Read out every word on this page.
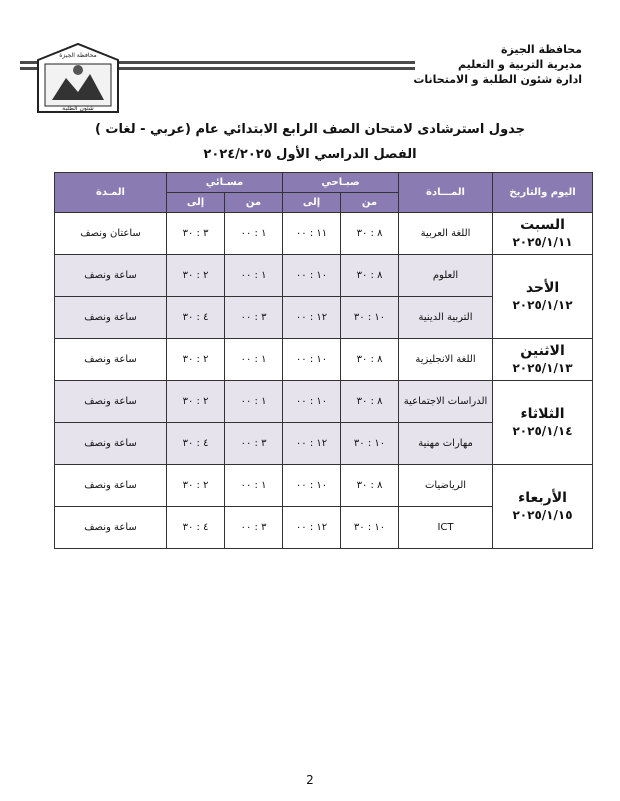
محافظة الجيزة
مديرية التربية و التعليم
ادارة شئون الطلبة و الامتحانات
محافظة الجيزة
شئون الطلبة
جدول استرشادى لامتحان الصف الرابع الابتدائي عام (عربي - لغات )
الفصل الدراسي الأول ٢٠٢٤/٢٠٢٥
اليوم والتاريخ	المـــادة	صبـاحي		مسـائي		المـدة
		من	إلى	من	إلى	

السبت
٢٠٢٥/١/١١	اللغة العربية	٨ : ٣٠	١١ : ٠٠	١ : ٠٠	٣ : ٣٠	ساعتان ونصف

الأحد
٢٠٢٥/١/١٢	العلوم	٨ : ٣٠	١٠ : ٠٠	١ : ٠٠	٢ : ٣٠	ساعة ونصف
	التربية الدينية	١٠ : ٣٠	١٢ : ٠٠	٣ : ٠٠	٤ : ٣٠	ساعة ونصف

الاثنين
٢٠٢٥/١/١٣	اللغة الانجليزية	٨ : ٣٠	١٠ : ٠٠	١ : ٠٠	٢ : ٣٠	ساعة ونصف

الثلاثاء
٢٠٢٥/١/١٤	الدراسات الاجتماعية	٨ : ٣٠	١٠ : ٠٠	١ : ٠٠	٢ : ٣٠	ساعة ونصف
	مهارات مهنية	١٠ : ٣٠	١٢ : ٠٠	٣ : ٠٠	٤ : ٣٠	ساعة ونصف

الأربعاء
٢٠٢٥/١/١٥	الرياضيات	٨ : ٣٠	١٠ : ٠٠	١ : ٠٠	٢ : ٣٠	ساعة ونصف
	ICT	١٠ : ٣٠	١٢ : ٠٠	٣ : ٠٠	٤ : ٣٠	ساعة ونصف
2
